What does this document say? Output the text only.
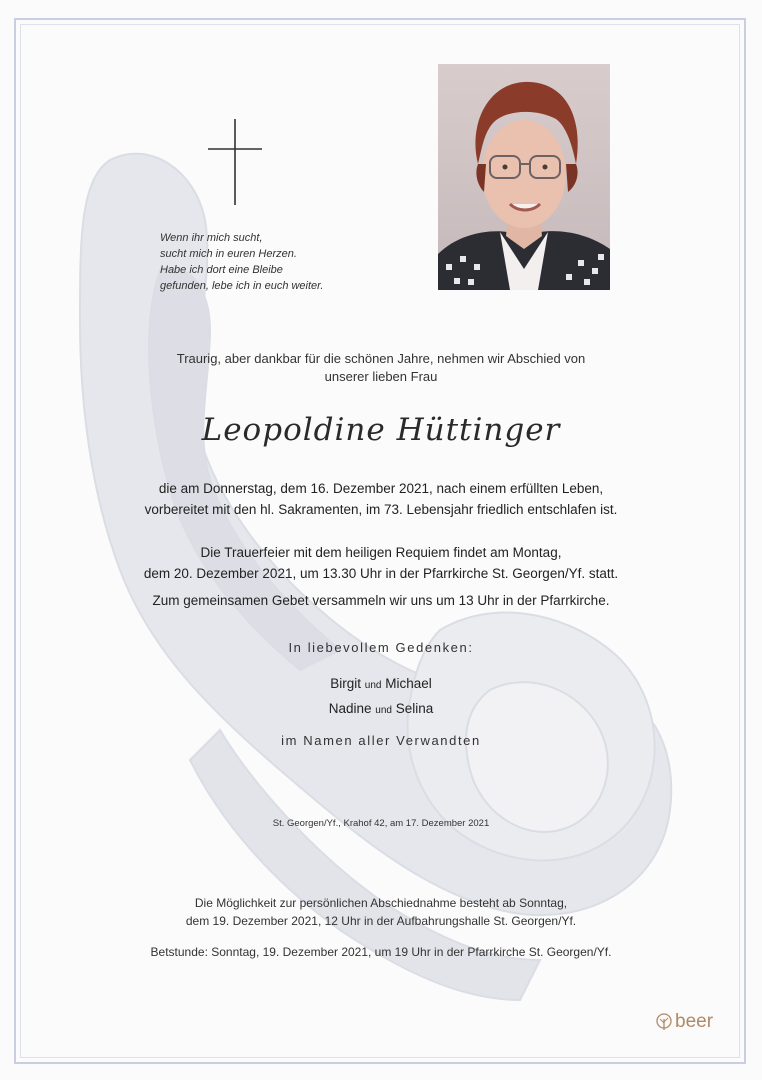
Wenn ihr mich sucht,
sucht mich in euren Herzen.
Habe ich dort eine Bleibe
gefunden, lebe ich in euch weiter.
Traurig, aber dankbar für die schönen Jahre, nehmen wir Abschied von
unserer lieben Frau
Leopoldine Hüttinger
die am Donnerstag, dem 16. Dezember 2021, nach einem erfüllten Leben,
vorbereitet mit den hl. Sakramenten, im 73. Lebensjahr friedlich entschlafen ist.
Die Trauerfeier mit dem heiligen Requiem findet am Montag,
dem 20. Dezember 2021, um 13.30 Uhr in der Pfarrkirche St. Georgen/Yf. statt.
Zum gemeinsamen Gebet versammeln wir uns um 13 Uhr in der Pfarrkirche.
In liebevollem Gedenken:
Birgit und Michael
Nadine und Selina
im Namen aller Verwandten
St. Georgen/Yf., Krahof 42, am 17. Dezember 2021
Die Möglichkeit zur persönlichen Abschiednahme besteht ab Sonntag,
dem 19. Dezember 2021, 12 Uhr in der Aufbahrungshalle St. Georgen/Yf.
Betstunde: Sonntag, 19. Dezember 2021, um 19 Uhr in der Pfarrkirche St. Georgen/Yf.
beer
